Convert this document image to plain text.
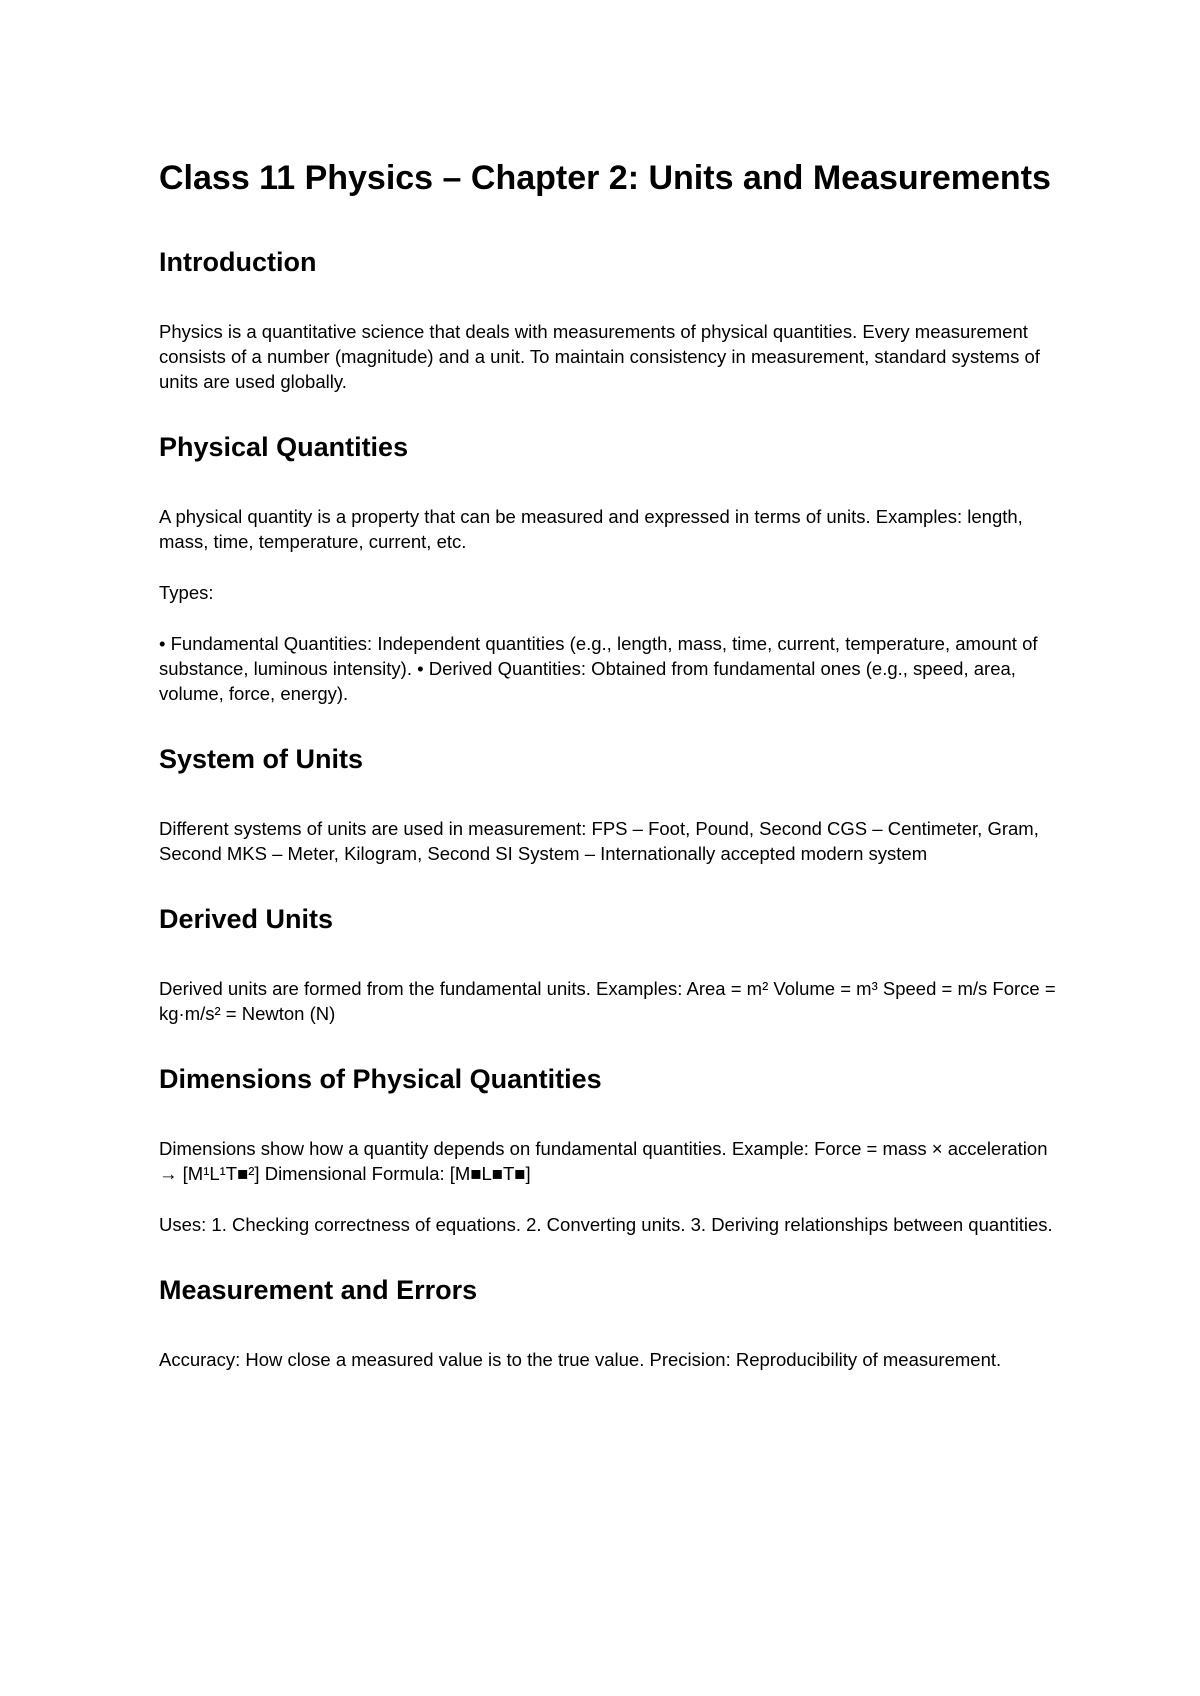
Class 11 Physics – Chapter 2: Units and Measurements
Introduction

Physics is a quantitative science that deals with measurements of physical quantities. Every measurement consists of a number (magnitude) and a unit. To maintain consistency in measurement, standard systems of units are used globally.

Physical Quantities

A physical quantity is a property that can be measured and expressed in terms of units. Examples: length, mass, time, temperature, current, etc.

Types:

• Fundamental Quantities: Independent quantities (e.g., length, mass, time, current, temperature, amount of substance, luminous intensity). • Derived Quantities: Obtained from fundamental ones (e.g., speed, area, volume, force, energy).

System of Units

Different systems of units are used in measurement: FPS – Foot, Pound, Second CGS – Centimeter, Gram, Second MKS – Meter, Kilogram, Second SI System – Internationally accepted modern system

Derived Units

Derived units are formed from the fundamental units. Examples: Area = m² Volume = m³ Speed = m/s Force = kg·m/s² = Newton (N)

Dimensions of Physical Quantities

Dimensions show how a quantity depends on fundamental quantities. Example: Force = mass × acceleration → [M¹L¹T■²] Dimensional Formula: [M■L■T■]

Uses: 1. Checking correctness of equations. 2. Converting units. 3. Deriving relationships between quantities.

Measurement and Errors

Accuracy: How close a measured value is to the true value. Precision: Reproducibility of measurement.
